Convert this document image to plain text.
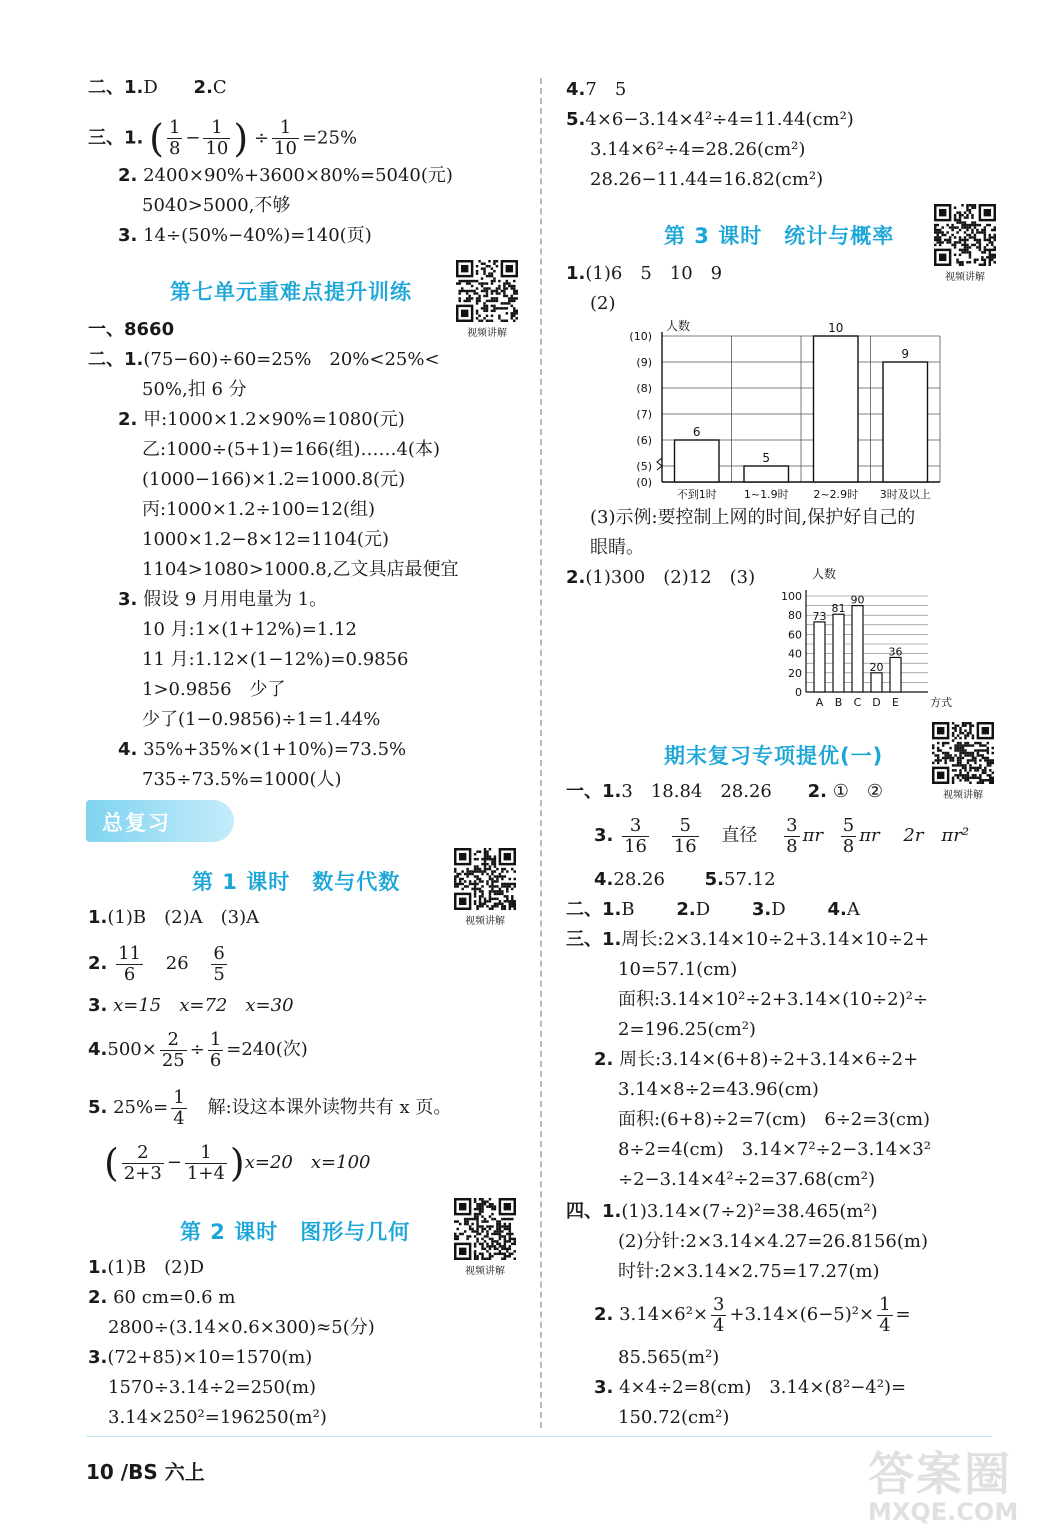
二、1.D 2.C
三、1. ( $\frac{1}{8} - \frac{1}{10}$ ) ÷ $\frac{1}{10} =25\%$
2. 2400×90%+3600×80%=5040(元)
5040>5000,不够
3. 14÷(50%−40%)=140(页)
第七单元重难点提升训练
视频讲解
一、8660
二、1.(75−60)÷60=25%　20%<25%<
50%,扣 6 分
2. 甲:1000×1.2×90%=1080(元)
乙:1000÷(5+1)=166(组)……4(本)
(1000−166)×1.2=1000.8(元)
丙:1000×1.2÷100=12(组)
1000×1.2−8×12=1104(元)
1104>1080>1000.8,乙文具店最便宜
3. 假设 9 月用电量为 1。
10 月:1×(1+12%)=1.12
11 月:1.12×(1−12%)=0.9856
1>0.9856　少了
少了(1−0.9856)÷1=1.44%
4. 35%+35%×(1+10%)=73.5%
735÷73.5%=1000(人)
总复习
第 1 课时　数与代数
视频讲解
1.(1)B　(2)A　(3)A
2. $\frac{11}{6} 26 \frac{6}{5}$
3. x=15　x=72　x=30
$4.500\times \frac{2}{25} \div \frac{1}{6} =240$(次)
5. $25\%= \frac{1}{4}$ 　解:设这本课外读物共有 x 页。
( $\frac{2}{2+3} - \frac{1}{1+4} )x=20$　x=100
第 2 课时　图形与几何
视频讲解
1.(1)B　(2)D
2. 60 cm=0.6 m
2800÷(3.14×0.6×300)≈5(分)
3.(72+85)×10=1570(m)
1570÷3.14÷2=250(m)
3.14×250²=196250(m²)
4.7　5
5.4×6−3.14×4²÷4=11.44(cm²)
3.14×6²÷4=28.26(cm²)
28.26−11.44=16.82(cm²)
第 3 课时　统计与概率
视频讲解
1.(1)6　5　10　9
(2)
人数
(10)
(9)
(8)
(7)
(6)
(5)
(0)
6
不到1时
5
1~1.9时
10
2~2.9时
9
3时及以上
(3)示例:要控制上网的时间,保护好自己的
眼睛。
2.(1)300　(2)12　(3)	人数
100
80
60
40
20
0
73
A
81
B
90
C
20
D
36
E	方式
期末复习专项提优(一)
视频讲解
一、1.3　18.84　28.26 2. ①　②
3. $\frac{3}{16}$
$\frac{5}{16}$ 直径 $\frac{3}{8}$ πr $\frac{5}{8}$ πr 2r　πr²
4.28.26 5.57.12
二、1.B 2.D 3.D 4.A
三、1.周长:2×3.14×10÷2+3.14×10÷2+
10=57.1(cm)
面积:3.14×10²÷2+3.14×(10÷2)²÷
2=196.25(cm²)
2. 周长:3.14×(6+8)÷2+3.14×6÷2+
3.14×8÷2=43.96(cm)
面积:(6+8)÷2=7(cm)　6÷2=3(cm)
8÷2=4(cm)　3.14×7²÷2−3.14×3²
÷2−3.14×4²÷2=37.68(cm²)
四、1.(1)3.14×(7÷2)²=38.465(m²)
(2)分针:2×3.14×4.27=26.8156(m)
时针:2×3.14×2.75=17.27(m)
2. $3.14\times 6^2\times \frac{3}{4} +3.14\times(6-5)^2\times \frac{1}{4}$ =
85.565(m²)
3. 4×4÷2=8(cm)　3.14×(8²−4²)=
150.72(cm²)
10 /BS 六上	答案圈
MXQE.COM
